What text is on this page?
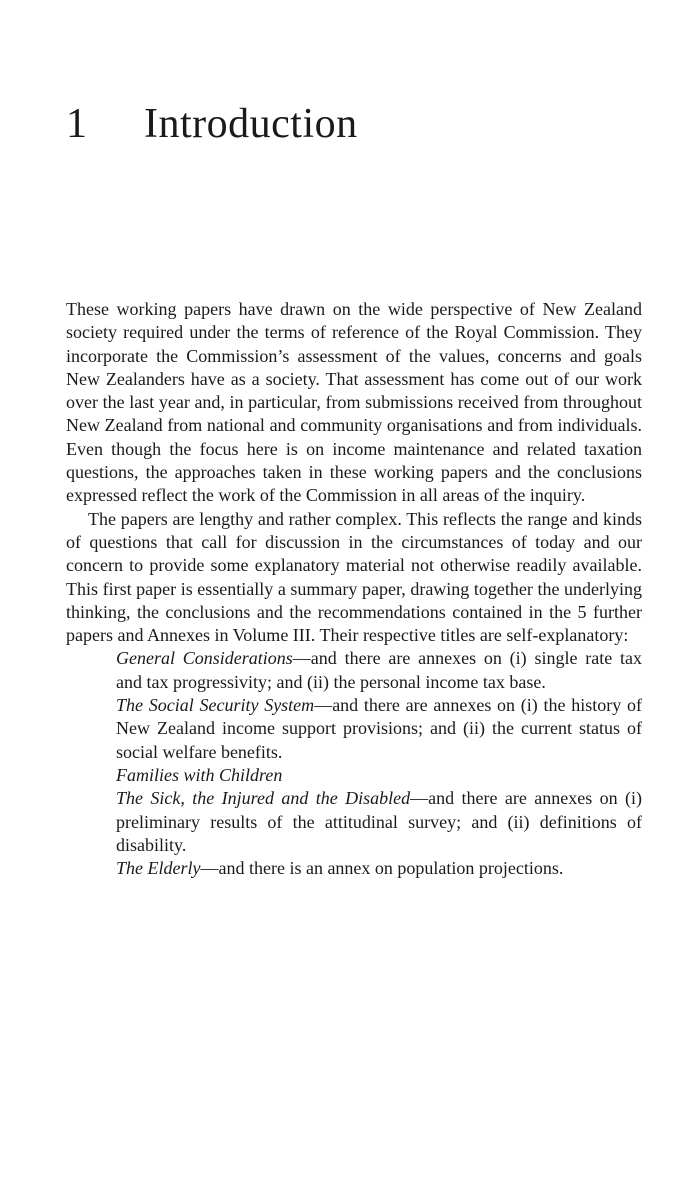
1 Introduction

These working papers have drawn on the wide perspective of New Zealand society required under the terms of reference of the Royal Commission. They incorporate the Commission’s assessment of the values, concerns and goals New Zealanders have as a society. That assessment has come out of our work over the last year and, in particular, from submissions received from throughout New Zealand from national and community organisations and from individuals. Even though the focus here is on income maintenance and related taxation questions, the approaches taken in these working papers and the conclusions expressed reflect the work of the Commission in all areas of the inquiry.

The papers are lengthy and rather complex. This reflects the range and kinds of questions that call for discussion in the circumstances of today and our concern to provide some explanatory material not otherwise readily available. This first paper is essentially a summary paper, drawing together the underlying thinking, the conclusions and the recommendations contained in the 5 further papers and Annexes in Volume III. Their respective titles are self-explanatory:

General Considerations—and there are annexes on (i) single rate tax and tax progressivity; and (ii) the personal income tax base.
The Social Security System—and there are annexes on (i) the history of New Zealand income support provisions; and (ii) the current status of social welfare benefits.
Families with Children
The Sick, the Injured and the Disabled—and there are annexes on (i) preliminary results of the attitudinal survey; and (ii) definitions of disability.
The Elderly—and there is an annex on population projections.
